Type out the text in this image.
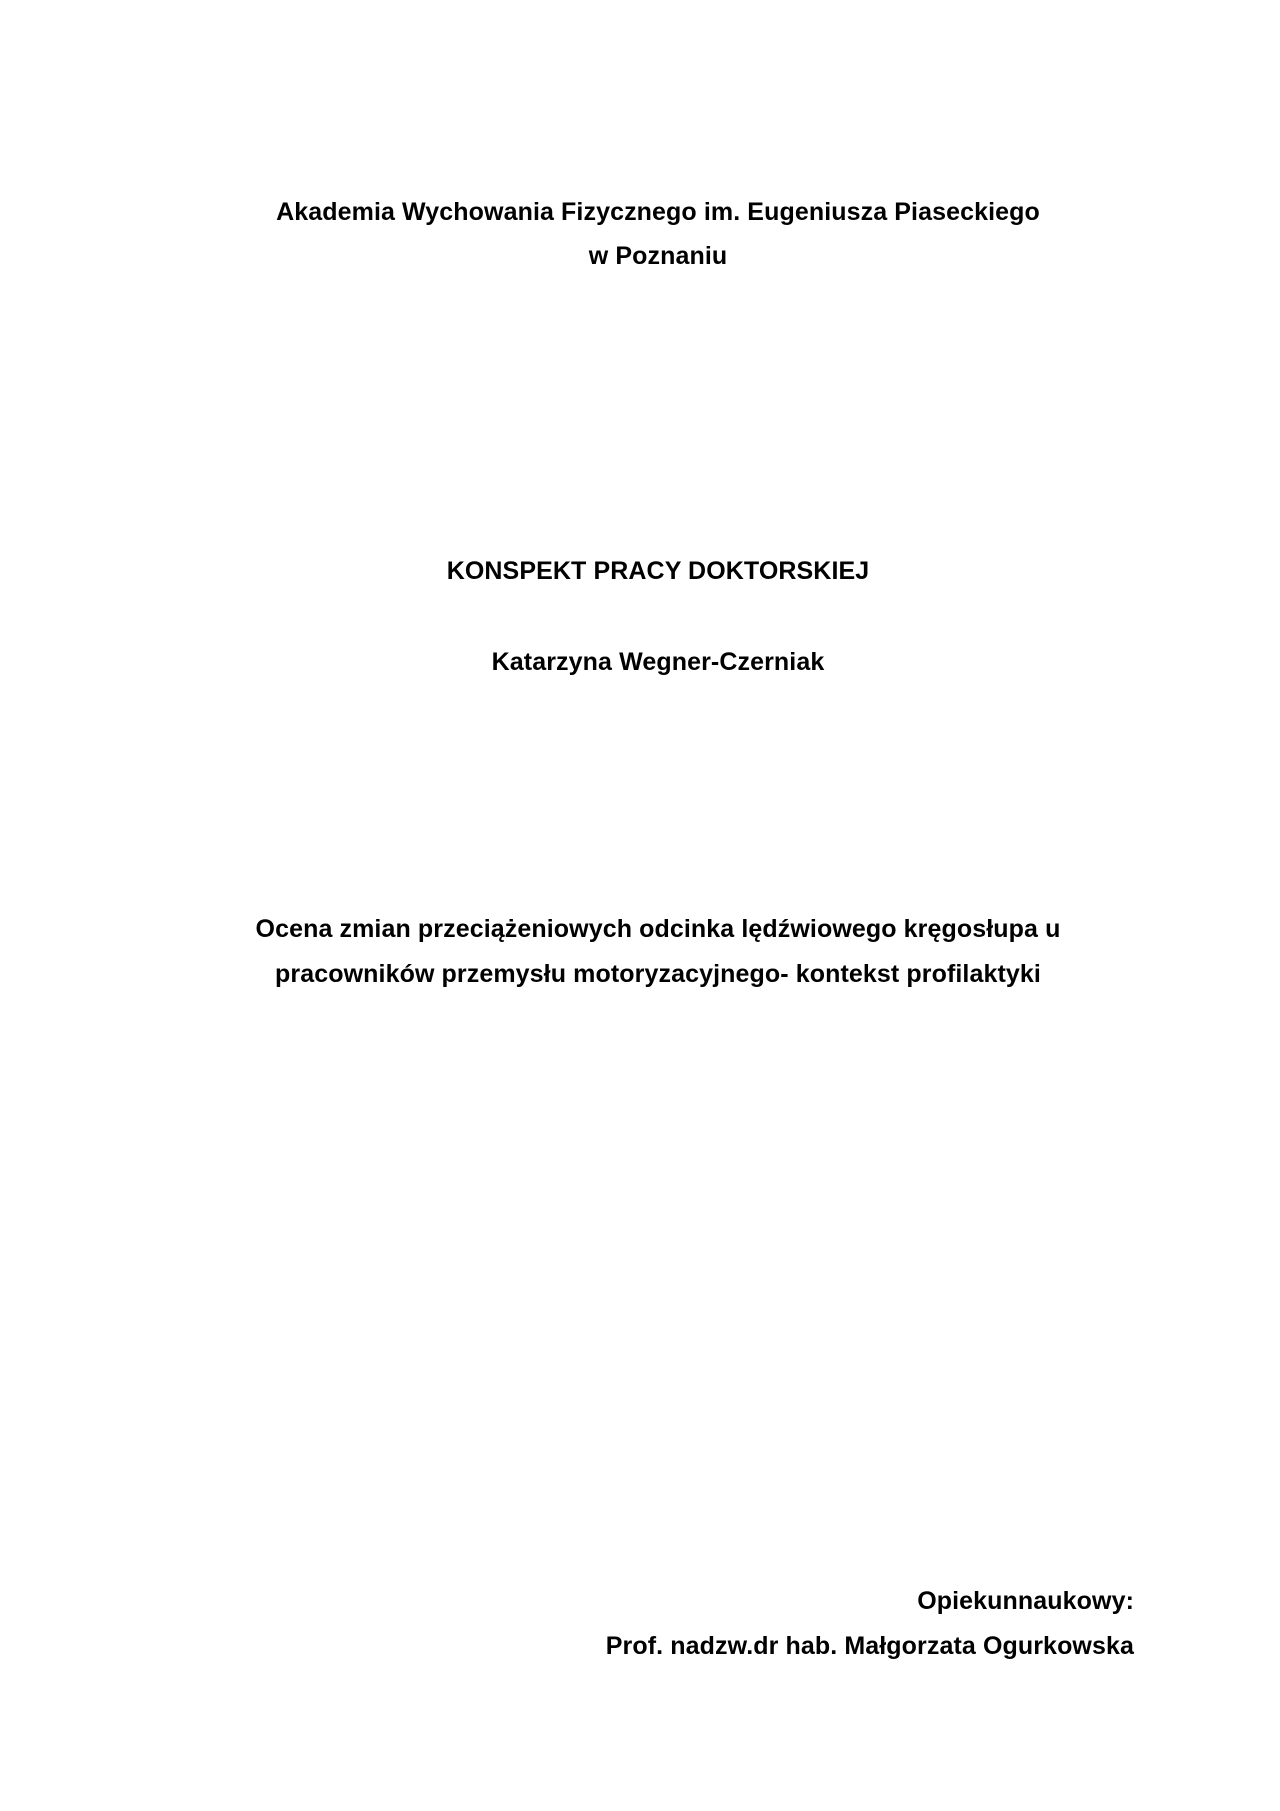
Akademia Wychowania Fizycznego im. Eugeniusza Piaseckiego
w Poznaniu
KONSPEKT PRACY DOKTORSKIEJ
Katarzyna Wegner-Czerniak
Ocena zmian przeciążeniowych odcinka lędźwiowego kręgosłupa u
pracowników przemysłu motoryzacyjnego- kontekst profilaktyki
Opiekunnaukowy:
Prof. nadzw.dr hab. Małgorzata Ogurkowska
